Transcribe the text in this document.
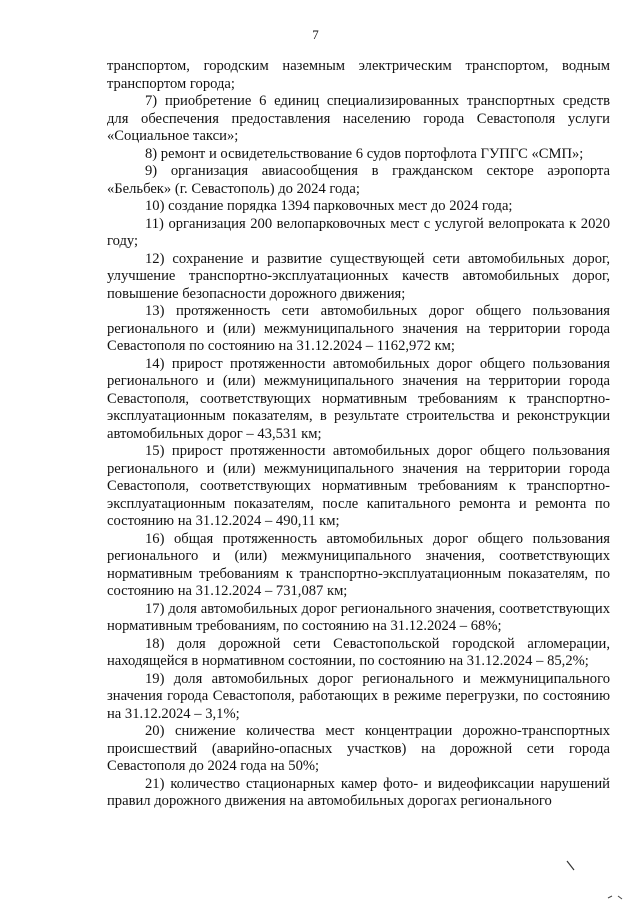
7

транспортом, городским наземным электрическим транспортом, водным транспортом города;

7) приобретение 6 единиц специализированных транспортных средств для обеспечения предоставления населению города Севастополя услуги «Социальное такси»;

8) ремонт и освидетельствование 6 судов портофлота ГУПГС «СМП»;

9) организация авиасообщения в гражданском секторе аэропорта «Бельбек» (г. Севастополь) до 2024 года;

10) создание порядка 1394 парковочных мест до 2024 года;

11) организация 200 велопарковочных мест с услугой велопроката к 2020 году;

12) сохранение и развитие существующей сети автомобильных дорог, улучшение транспортно-эксплуатационных качеств автомобильных дорог, повышение безопасности дорожного движения;

13) протяженность сети автомобильных дорог общего пользования регионального и (или) межмуниципального значения на территории города Севастополя по состоянию на 31.12.2024 – 1162,972 км;

14) прирост протяженности автомобильных дорог общего пользования регионального и (или) межмуниципального значения на территории города Севастополя, соответствующих нормативным требованиям к транспортно-эксплуатационным показателям, в результате строительства и реконструкции автомобильных дорог – 43,531 км;

15) прирост протяженности автомобильных дорог общего пользования регионального и (или) межмуниципального значения на территории города Севастополя, соответствующих нормативным требованиям к транспортно-эксплуатационным показателям, после капитального ремонта и ремонта по состоянию на 31.12.2024 – 490,11 км;

16) общая протяженность автомобильных дорог общего пользования регионального и (или) межмуниципального значения, соответствующих нормативным требованиям к транспортно-эксплуатационным показателям, по состоянию на 31.12.2024 – 731,087 км;

17) доля автомобильных дорог регионального значения, соответствующих нормативным требованиям, по состоянию на 31.12.2024 – 68%;

18) доля дорожной сети Севастопольской городской агломерации, находящейся в нормативном состоянии, по состоянию на 31.12.2024 – 85,2%;

19) доля автомобильных дорог регионального и межмуниципального значения города Севастополя, работающих в режиме перегрузки, по состоянию на 31.12.2024 – 3,1%;

20) снижение количества мест концентрации дорожно-транспортных происшествий (аварийно-опасных участков) на дорожной сети города Севастополя до 2024 года на 50%;

21) количество стационарных камер фото- и видеофиксации нарушений правил дорожного движения на автомобильных дорогах регионального
